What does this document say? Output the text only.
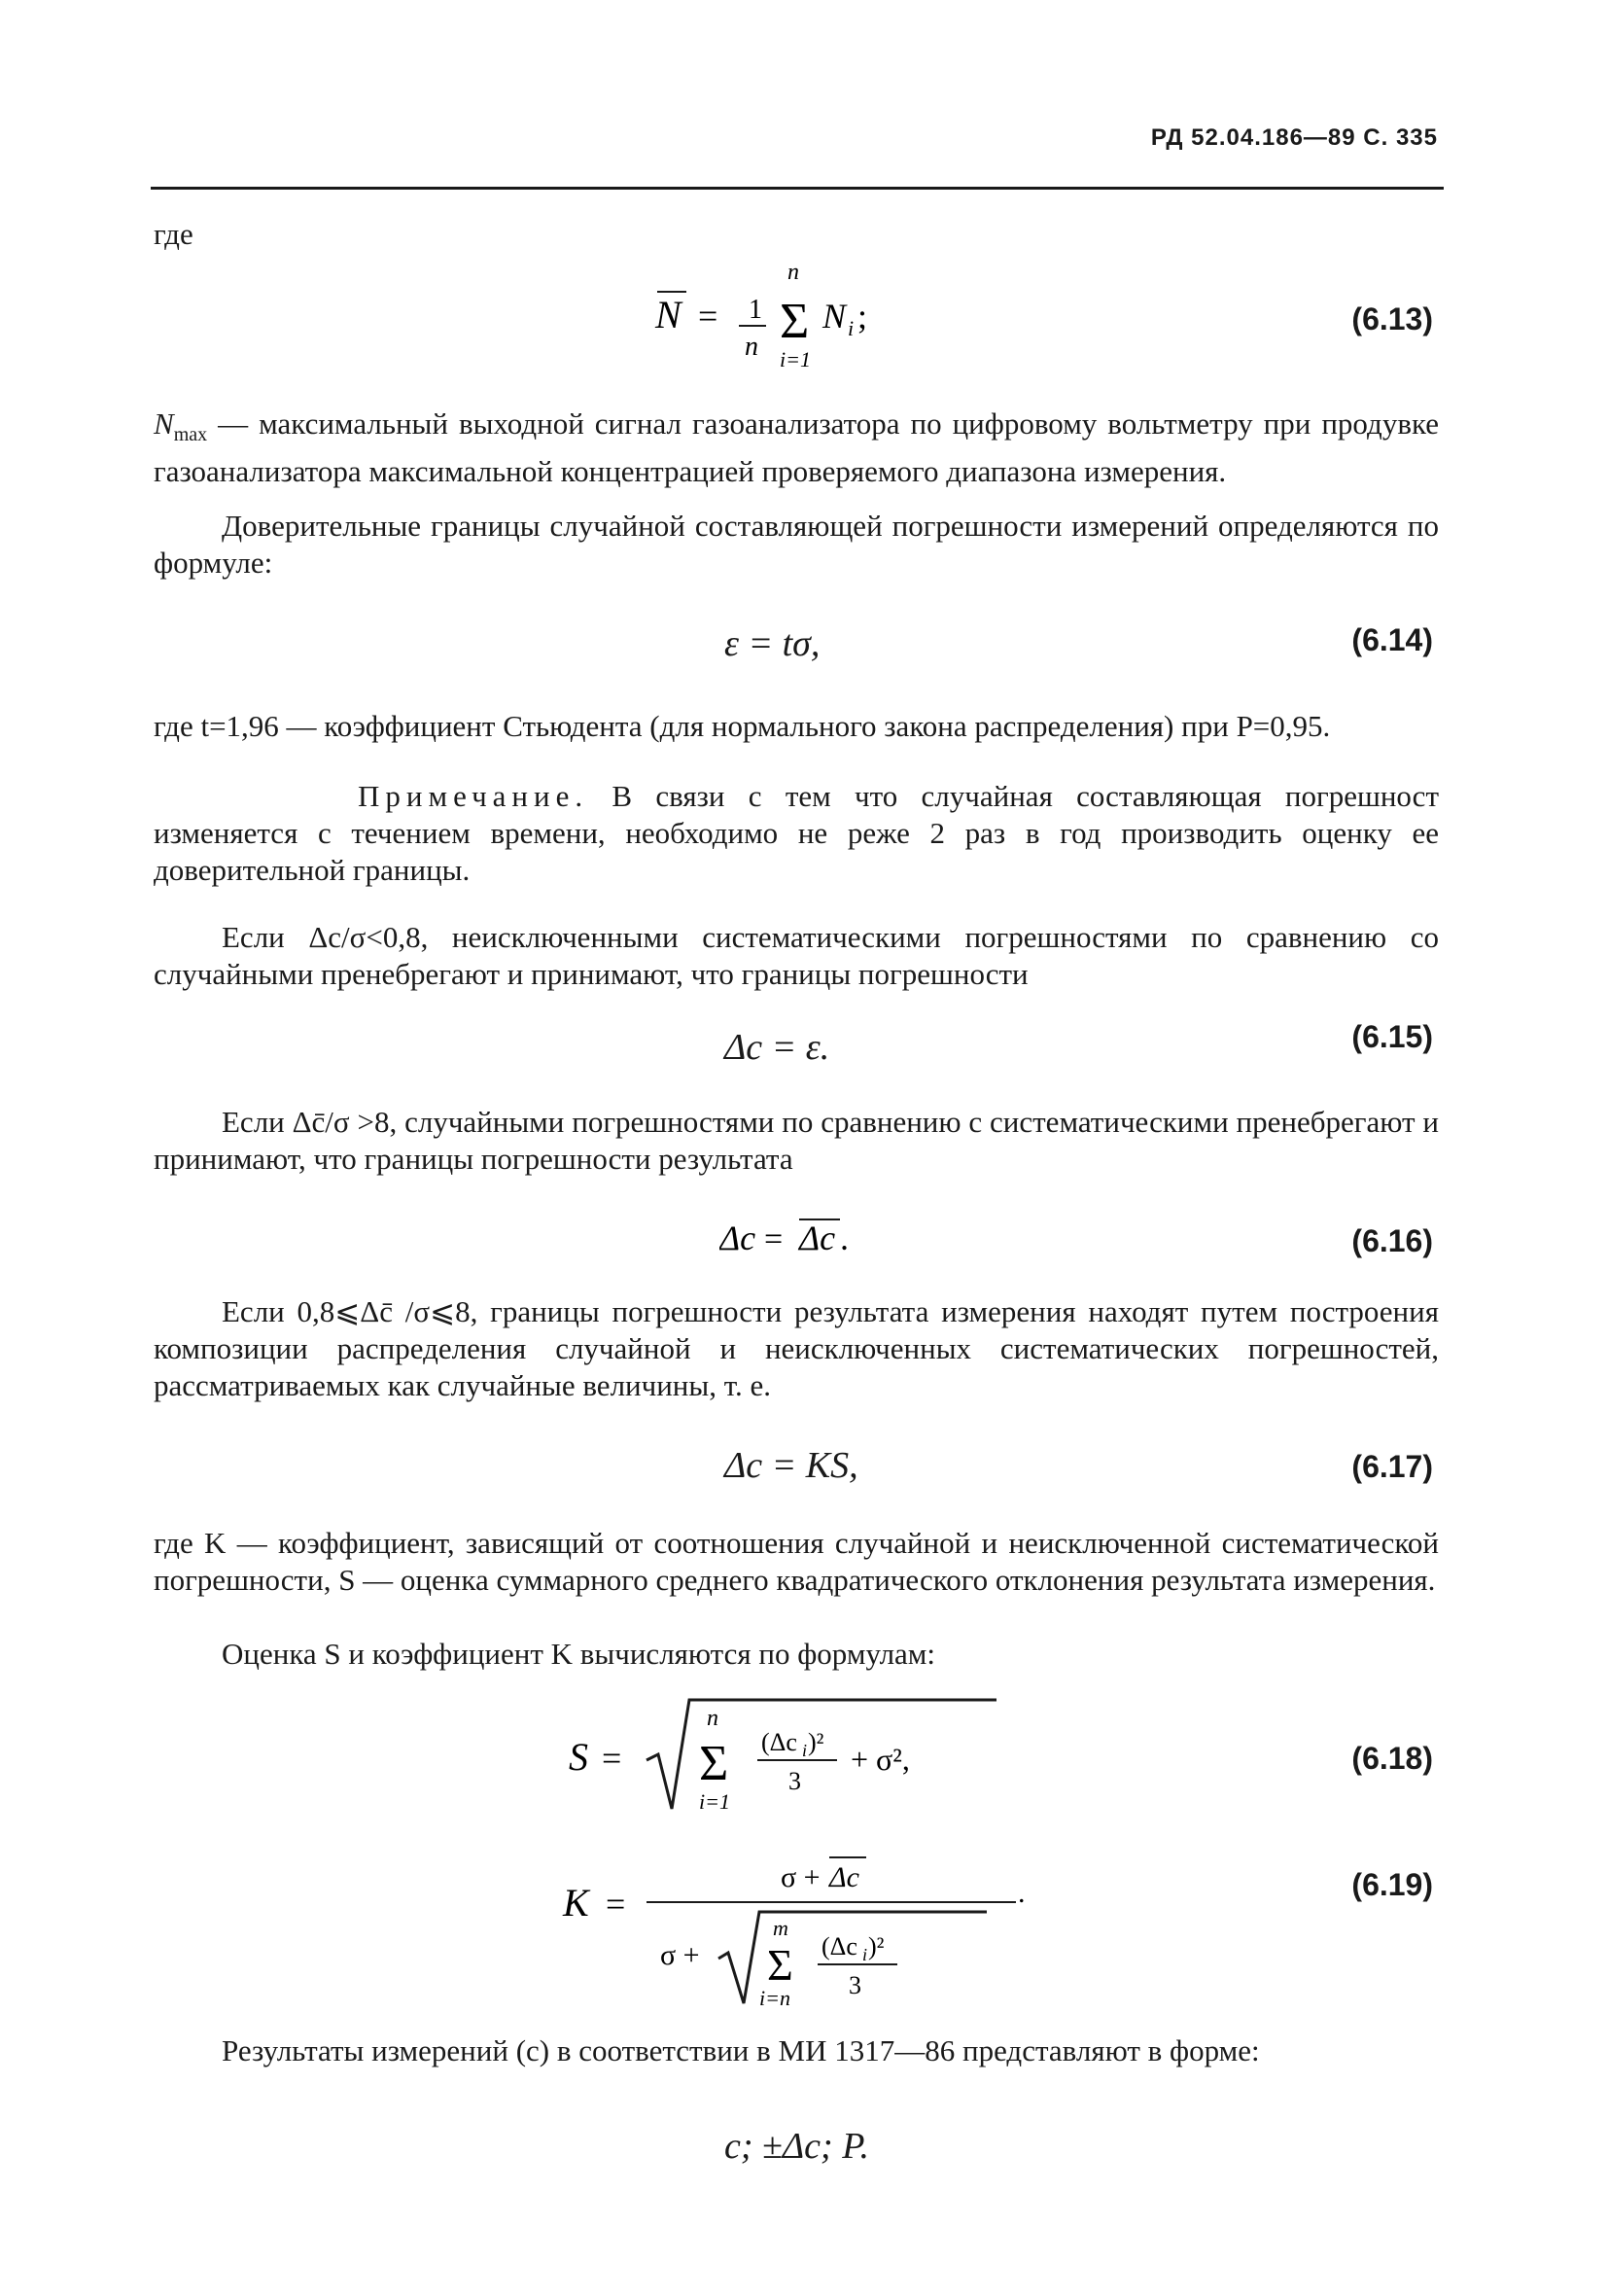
РД 52.04.186—89 С. 335
где
N = 1
n
n
Σ
i=1
N i ;	(6.13)
$N_{max}$ — максимальный выходной сигнал газоанализатора по цифровому вольтметру при продувке газоанализатора максимальной концентрацией проверяемого диапазона измерения.
Доверительные границы случайной составляющей погрешности измерений определяются по формуле:
ε = tσ,	(6.14)
где t=1,96 — коэффициент Стьюдента (для нормального закона распределения) при P=0,95.
Примечание. В связи с тем что случайная составляющая погрешност изменяется с течением времени, необходимо не реже 2 раз в год производить оценку ее доверительной границы.
Если Δc/σ<0,8, неисключенными систематическими погрешностями по сравнению со случайными пренебрегают и принимают, что границы погрешности
Δc = ε.	(6.15)
Если Δc̄/σ >8, случайными погрешностями по сравнению с систематическими пренебрегают и принимают, что границы погрешности результата
Δc = Δc .	(6.16)
Если 0,8⩽Δc̄ /σ⩽8, границы погрешности результата измерения находят путем построения композиции распределения случайной и неисключенных систематических погрешностей, рассматриваемых как случайные величины, т. е.
Δc = KS,	(6.17)
где K — коэффициент, зависящий от соотношения случайной и неисключенной систематической погрешности, S — оценка суммарного среднего квадратического отклонения результата измерения.
Оценка S и коэффициент K вычисляются по формулам:
S =
n
Σ
i=1
(Δc i )²
3
+ σ²,	(6.18)
K =
σ + Δc	.
σ +
m
Σ
i=n
(Δc i )²
3
(6.19)
Результаты измерений (c) в соответствии в МИ 1317—86 представляют в форме:
c; ±Δc; P.
